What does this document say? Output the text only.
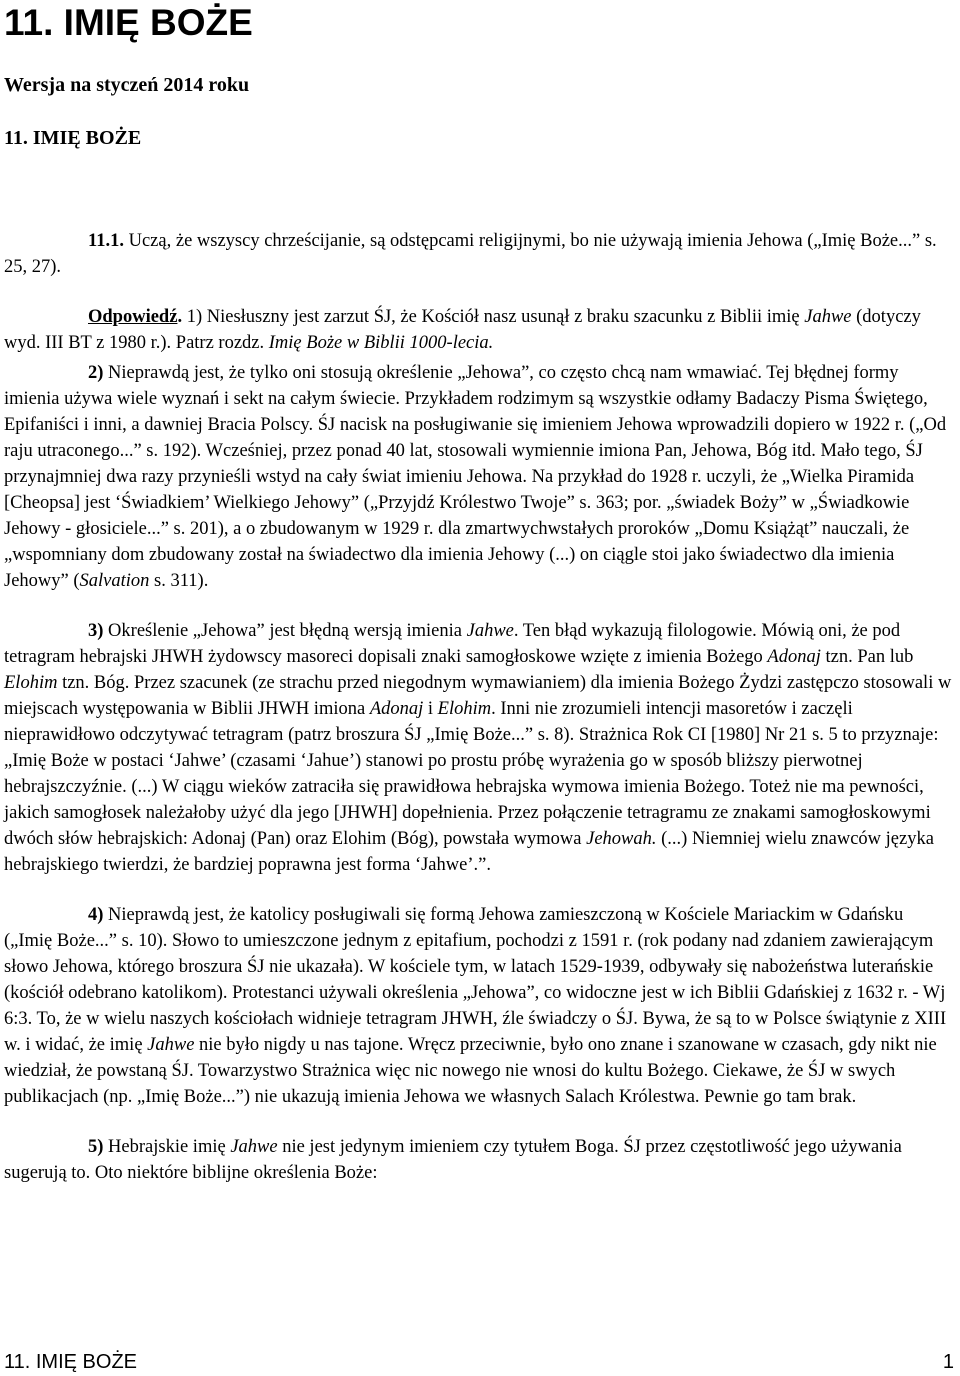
11. IMIĘ BOŻE
Wersja na styczeń 2014 roku
11. IMIĘ BOŻE

11.1. Uczą, że wszyscy chrześcijanie, są odstępcami religijnymi, bo nie używają imienia Jehowa („Imię Boże...” s. 25, 27).

Odpowiedź. 1) Niesłuszny jest zarzut ŚJ, że Kościół nasz usunął z braku szacunku z Biblii imię Jahwe (dotyczy wyd. III BT z 1980 r.). Patrz rozdz. Imię Boże w Biblii 1000-lecia.

2) Nieprawdą jest, że tylko oni stosują określenie „Jehowa”, co często chcą nam wmawiać. Tej błędnej formy imienia używa wiele wyznań i sekt na całym świecie. Przykładem rodzimym są wszystkie odłamy Badaczy Pisma Świętego, Epifaniści i inni, a dawniej Bracia Polscy. ŚJ nacisk na posługiwanie się imieniem Jehowa wprowadzili dopiero w 1922 r. („Od raju utraconego...” s. 192). Wcześniej, przez ponad 40 lat, stosowali wymiennie imiona Pan, Jehowa, Bóg itd. Mało tego, ŚJ przynajmniej dwa razy przynieśli wstyd na cały świat imieniu Jehowa. Na przykład do 1928 r. uczyli, że „Wielka Piramida [Cheopsa] jest ‘Świadkiem’ Wielkiego Jehowy” („Przyjdź Królestwo Twoje” s. 363; por. „świadek Boży” w „Świadkowie Jehowy - głosiciele...” s. 201), a o zbudowanym w 1929 r. dla zmartwychwstałych proroków „Domu Książąt” nauczali, że „wspomniany dom zbudowany został na świadectwo dla imienia Jehowy (...) on ciągle stoi jako świadectwo dla imienia Jehowy” (Salvation s. 311).

3) Określenie „Jehowa” jest błędną wersją imienia Jahwe. Ten błąd wykazują filologowie. Mówią oni, że pod tetragram hebrajski JHWH żydowscy masoreci dopisali znaki samogłoskowe wzięte z imienia Bożego Adonaj tzn. Pan lub Elohim tzn. Bóg. Przez szacunek (ze strachu przed niegodnym wymawianiem) dla imienia Bożego Żydzi zastępczo stosowali w miejscach występowania w Biblii JHWH imiona Adonaj i Elohim. Inni nie zrozumieli intencji masoretów i zaczęli nieprawidłowo odczytywać tetragram (patrz broszura ŚJ „Imię Boże...” s. 8). Strażnica Rok CI [1980] Nr 21 s. 5 to przyznaje: „Imię Boże w postaci ‘Jahwe’ (czasami ‘Jahue’) stanowi po prostu próbę wyrażenia go w sposób bliższy pierwotnej hebrajszczyźnie. (...) W ciągu wieków zatraciła się prawidłowa hebrajska wymowa imienia Bożego. Toteż nie ma pewności, jakich samogłosek należałoby użyć dla jego [JHWH] dopełnienia. Przez połączenie tetragramu ze znakami samogłoskowymi dwóch słów hebrajskich: Adonaj (Pan) oraz Elohim (Bóg), powstała wymowa Jehowah. (...) Niemniej wielu znawców języka hebrajskiego twierdzi, że bardziej poprawna jest forma ‘Jahwe’.”.

4) Nieprawdą jest, że katolicy posługiwali się formą Jehowa zamieszczoną w Kościele Mariackim w Gdańsku („Imię Boże...” s. 10). Słowo to umieszczone jednym z epitafium, pochodzi z 1591 r. (rok podany nad zdaniem zawierającym słowo Jehowa, którego broszura ŚJ nie ukazała). W kościele tym, w latach 1529-1939, odbywały się nabożeństwa luterańskie (kościół odebrano katolikom). Protestanci używali określenia „Jehowa”, co widoczne jest w ich Biblii Gdańskiej z 1632 r. - Wj 6:3. To, że w wielu naszych kościołach widnieje tetragram JHWH, źle świadczy o ŚJ. Bywa, że są to w Polsce świątynie z XIII w. i widać, że imię Jahwe nie było nigdy u nas tajone. Wręcz przeciwnie, było ono znane i szanowane w czasach, gdy nikt nie wiedział, że powstaną ŚJ. Towarzystwo Strażnica więc nic nowego nie wnosi do kultu Bożego. Ciekawe, że ŚJ w swych publikacjach (np. „Imię Boże...”) nie ukazują imienia Jehowa we własnych Salach Królestwa. Pewnie go tam brak.

5) Hebrajskie imię Jahwe nie jest jedynym imieniem czy tytułem Boga. ŚJ przez częstotliwość jego używania sugerują to. Oto niektóre biblijne określenia Boże:

11. IMIĘ BOŻE	1
